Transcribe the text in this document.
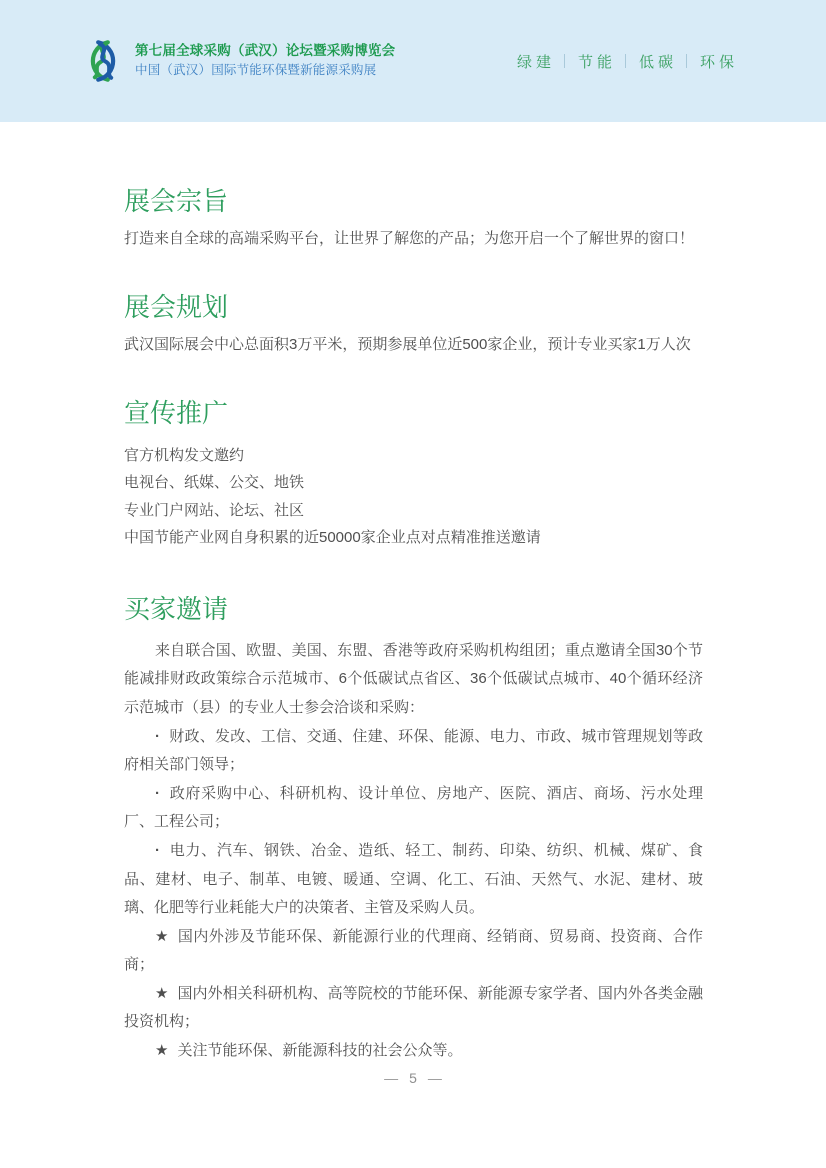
第七届全球采购（武汉）论坛暨采购博览会
中国（武汉）国际节能环保暨新能源采购展	绿建 节能 低碳 环保
展会宗旨

打造来自全球的高端采购平台，让世界了解您的产品；为您开启一个了解世界的窗口！

展会规划

武汉国际展会中心总面积3万平米，预期参展单位近500家企业，预计专业买家1万人次

宣传推广

官方机构发文邀约

电视台、纸媒、公交、地铁

专业门户网站、论坛、社区

中国节能产业网自身积累的近50000家企业点对点精准推送邀请

买家邀请

来自联合国、欧盟、美国、东盟、香港等政府采购机构组团；重点邀请全国30个节能减排财政政策综合示范城市、6个低碳试点省区、36个低碳试点城市、40个循环经济示范城市（县）的专业人士参会洽谈和采购：

· 财政、发改、工信、交通、住建、环保、能源、电力、市政、城市管理规划等政府相关部门领导；

· 政府采购中心、科研机构、设计单位、房地产、医院、酒店、商场、污水处理厂、工程公司；

· 电力、汽车、钢铁、冶金、造纸、轻工、制药、印染、纺织、机械、煤矿、食品、建材、电子、制革、电镀、暖通、空调、化工、石油、天然气、水泥、建材、玻璃、化肥等行业耗能大户的决策者、主管及采购人员。

★ 国内外涉及节能环保、新能源行业的代理商、经销商、贸易商、投资商、合作商；

★ 国内外相关科研机构、高等院校的节能环保、新能源专家学者、国内外各类金融投资机构；

★ 关注节能环保、新能源科技的社会公众等。

— 5 —
